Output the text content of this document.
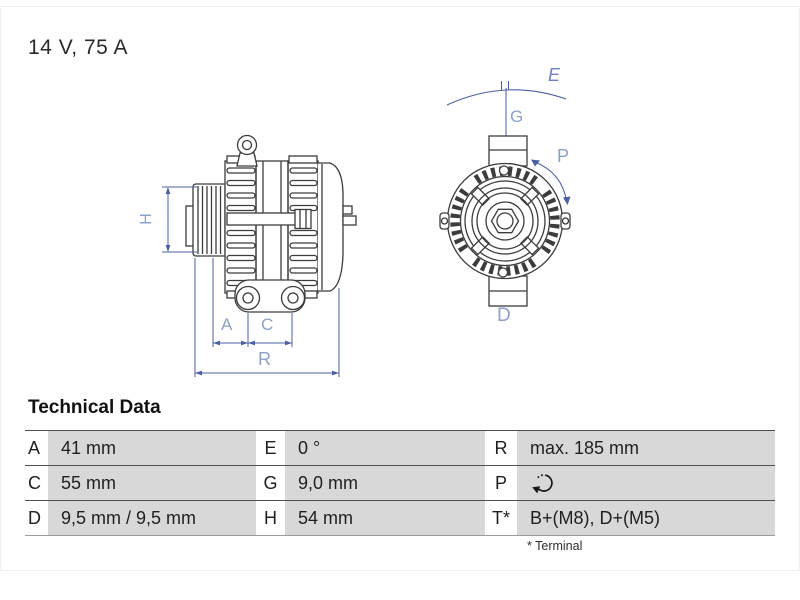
14 V, 75 A
H
A C
R
E
G
P
D
Technical Data
A	41 mm	E	0 °	R	max. 185 mm
C	55 mm	G	9,0 mm	P
D	9,5 mm / 9,5 mm	H	54 mm	T*	B+(M8), D+(M5)
* Terminal
